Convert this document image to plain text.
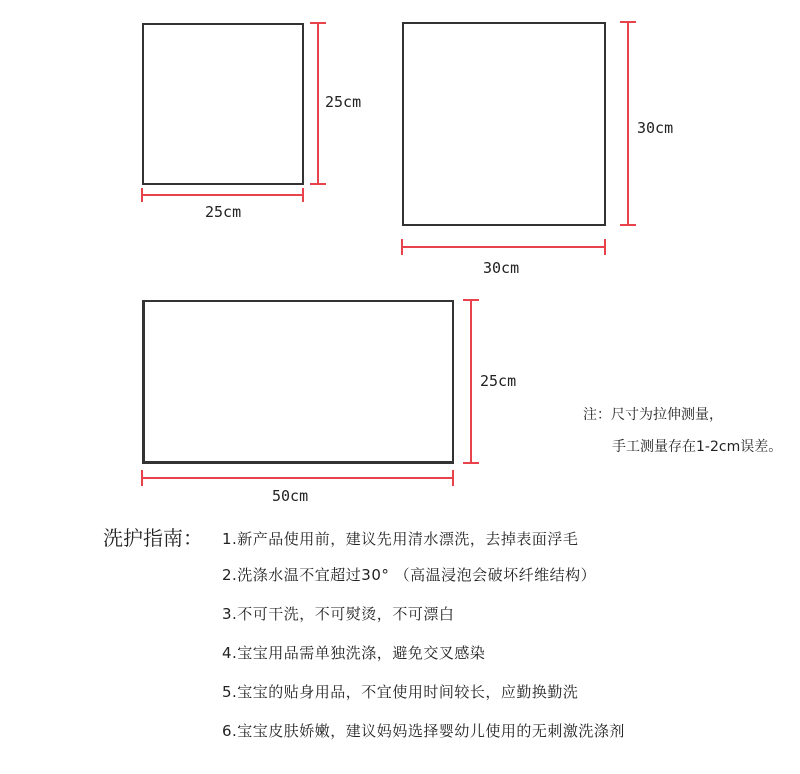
25cm
25cm
30cm
30cm
25cm
50cm
注：尺寸为拉伸测量，
手工测量存在1-2cm误差。
洗护指南： 1.新产品使用前，建议先用清水漂洗，去掉表面浮毛
2.洗涤水温不宜超过30° （高温浸泡会破坏纤维结构）
3.不可干洗，不可熨烫，不可漂白
4.宝宝用品需单独洗涤，避免交叉感染
5.宝宝的贴身用品，不宜使用时间较长，应勤换勤洗
6.宝宝皮肤娇嫩，建议妈妈选择婴幼儿使用的无刺激洗涤剂
